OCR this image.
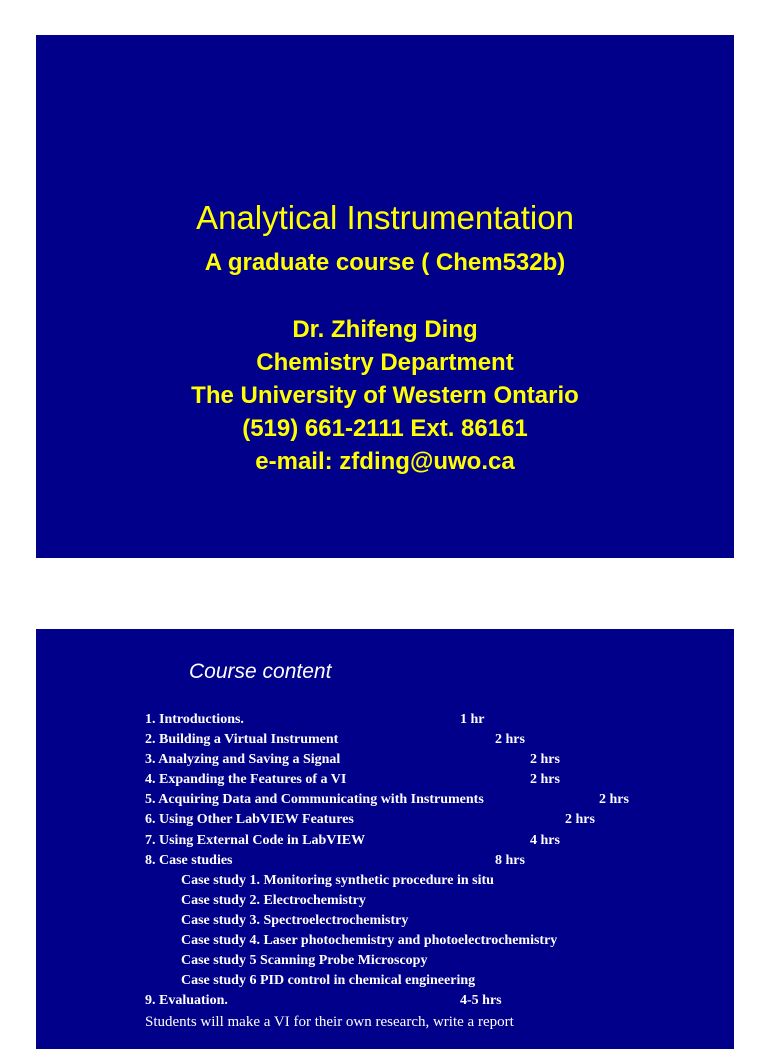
Analytical Instrumentation
A graduate course ( Chem532b)
Dr. Zhifeng Ding
Chemistry Department
The University of Western Ontario
(519) 661-2111 Ext. 86161
e-mail: zfding@uwo.ca
Course content
1. Introductions.	1 hr
2. Building a Virtual Instrument	2 hrs
3. Analyzing and Saving a Signal	2 hrs
4. Expanding the Features of a VI	2 hrs
5. Acquiring Data and Communicating with Instruments	2 hrs
6. Using Other LabVIEW Features	2 hrs
7. Using External Code in LabVIEW	4 hrs
8. Case studies	8 hrs
Case study 1. Monitoring synthetic procedure in situ
Case study 2. Electrochemistry
Case study 3. Spectroelectrochemistry
Case study 4. Laser photochemistry and photoelectrochemistry
Case study 5 Scanning Probe Microscopy
Case study 6 PID control in chemical engineering
9. Evaluation.	4-5 hrs
Students will make a VI for their own research, write a report
